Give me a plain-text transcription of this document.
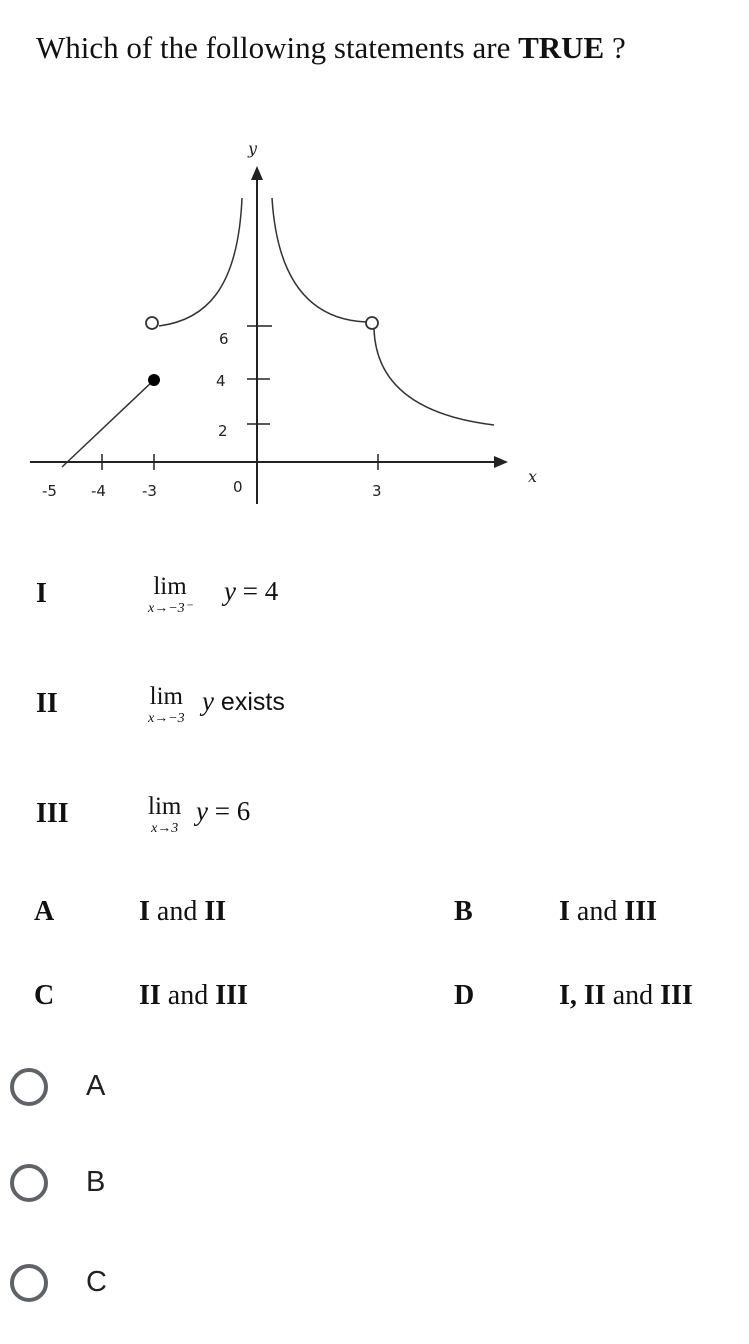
Which of the following statements are TRUE ?
-5 -4 -3	0	3
2
4
6
x
y
I	lim
x→−3⁻
y = 4
II	lim
x→−3
y exists
III	lim
x→3
y = 6
A	I and II	B	I and III
C	II and III	D	I, II and III
A
B
C
